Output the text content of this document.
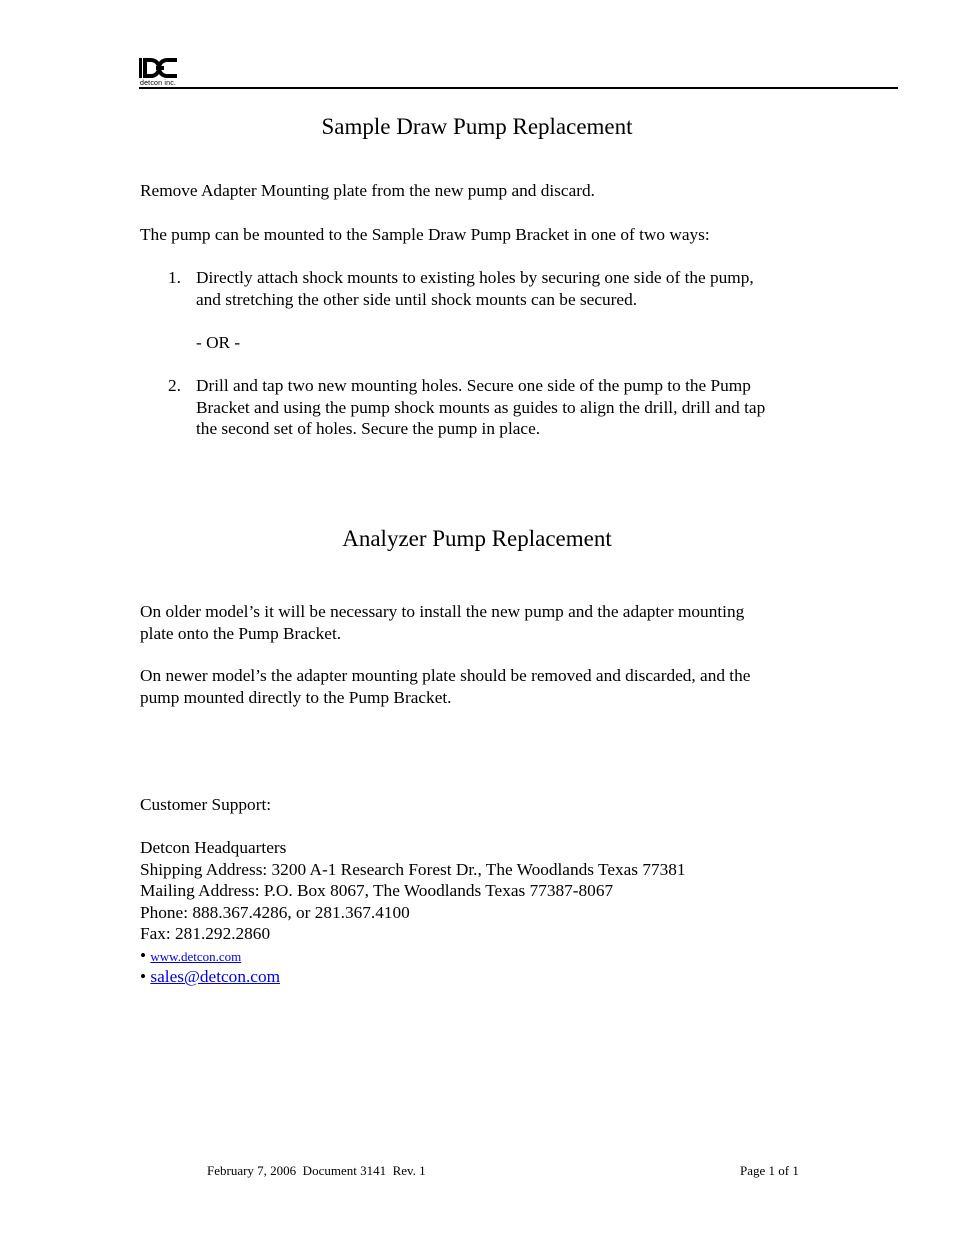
detcon inc.
Sample Draw Pump Replacement

Remove Adapter Mounting plate from the new pump and discard.

The pump can be mounted to the Sample Draw Pump Bracket in one of two ways:

1. Directly attach shock mounts to existing holes by securing one side of the pump,
and stretching the other side until shock mounts can be secured.

- OR -

2. Drill and tap two new mounting holes. Secure one side of the pump to the Pump
Bracket and using the pump shock mounts as guides to align the drill, drill and tap
the second set of holes. Secure the pump in place.

Analyzer Pump Replacement

On older model’s it will be necessary to install the new pump and the adapter mounting
plate onto the Pump Bracket.

On newer model’s the adapter mounting plate should be removed and discarded, and the
pump mounted directly to the Pump Bracket.

Customer Support:

Detcon Headquarters
Shipping Address: 3200 A-1 Research Forest Dr., The Woodlands Texas 77381
Mailing Address: P.O. Box 8067, The Woodlands Texas 77387-8067
Phone: 888.367.4286, or 281.367.4100
Fax: 281.292.2860

• www.detcon.com
• sales@detcon.com
February 7, 2006  Document 3141  Rev. 1	Page 1 of 1
